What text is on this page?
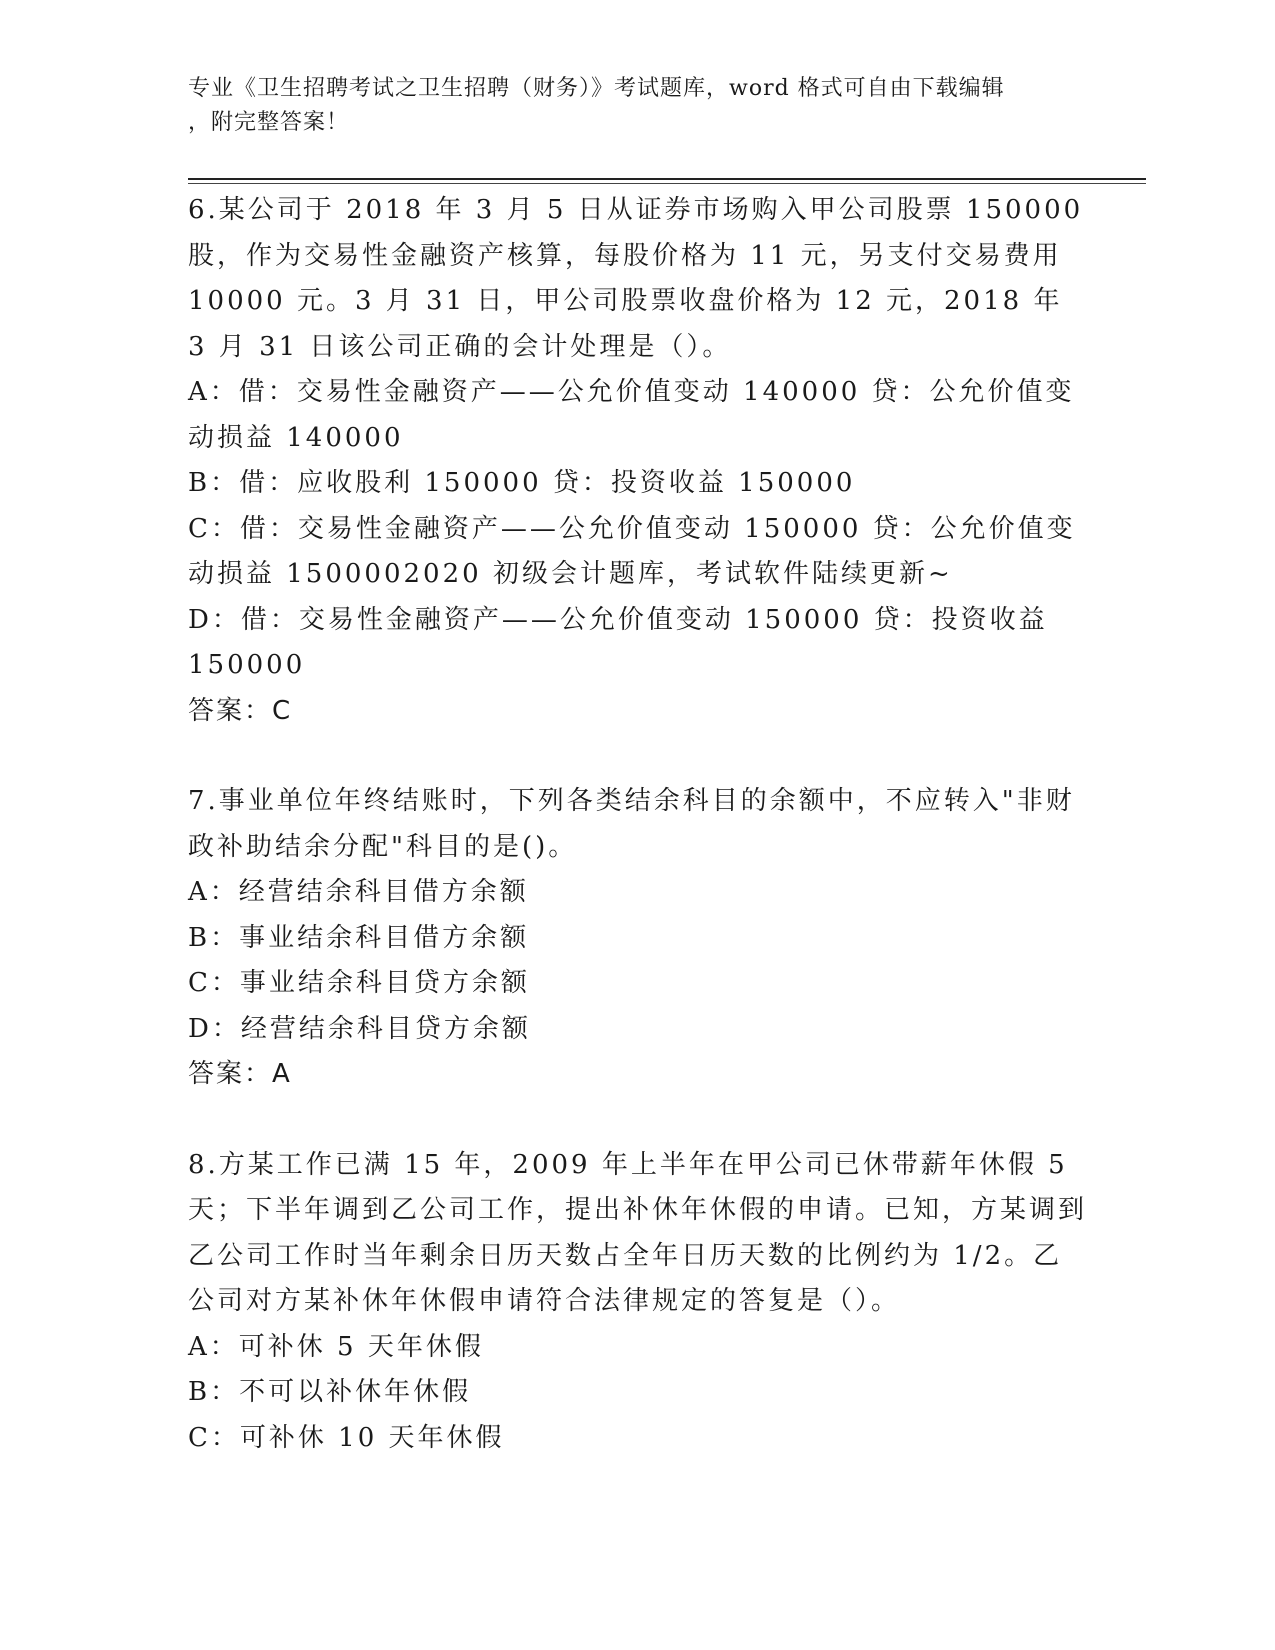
专业《卫生招聘考试之卫生招聘（财务）》考试题库，word 格式可自由下载编辑
，附完整答案！

6.某公司于 2018 年 3 月 5 日从证券市场购入甲公司股票 150000 股，作为交易性金融资产核算，每股价格为 11 元，另支付交易费用 10000 元。3 月 31 日，甲公司股票收盘价格为 12 元，2018 年 3 月 31 日该公司正确的会计处理是（）。

A：借：交易性金融资产——公允价值变动 140000 贷：公允价值变动损益 140000

B：借：应收股利 150000 贷：投资收益 150000

C：借：交易性金融资产——公允价值变动 150000 贷：公允价值变动损益 1500002020 初级会计题库，考试软件陆续更新~

D：借：交易性金融资产——公允价值变动 150000 贷：投资收益 150000

答案：C

7.事业单位年终结账时，下列各类结余科目的余额中，不应转入"非财政补助结余分配"科目的是()。

A：经营结余科目借方余额

B：事业结余科目借方余额

C：事业结余科目贷方余额

D：经营结余科目贷方余额

答案：A

8.方某工作已满 15 年，2009 年上半年在甲公司已休带薪年休假 5 天；下半年调到乙公司工作，提出补休年休假的申请。已知，方某调到乙公司工作时当年剩余日历天数占全年日历天数的比例约为 1/2。乙公司对方某补休年休假申请符合法律规定的答复是（）。

A：可补休 5 天年休假

B：不可以补休年休假

C：可补休 10 天年休假
